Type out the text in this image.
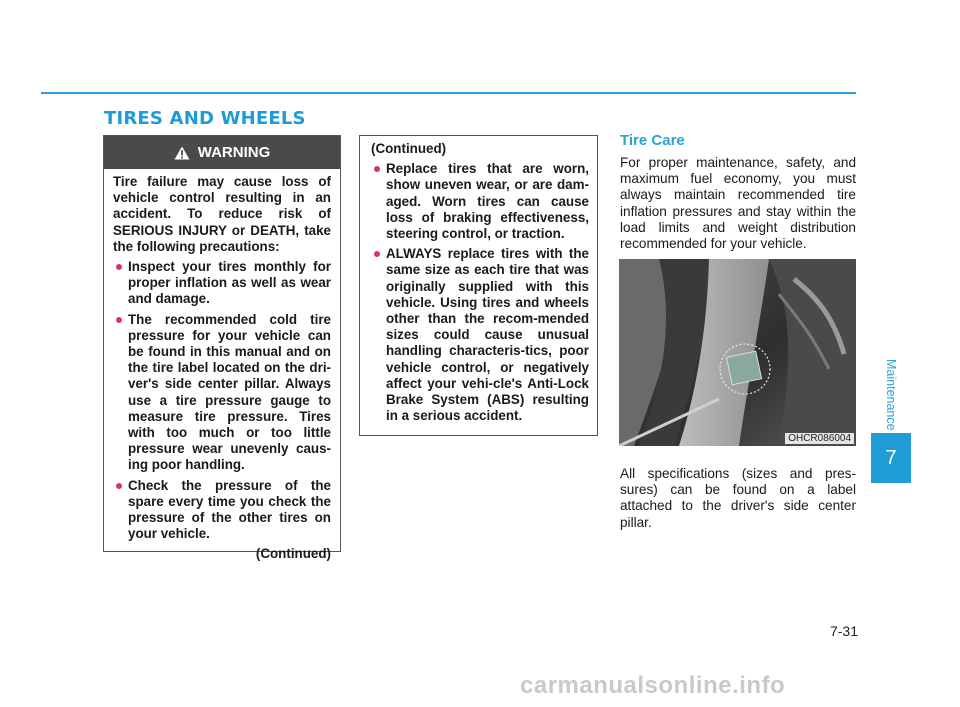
TIRES AND WHEELS
WARNING

Tire failure may cause loss of vehicle control resulting in an accident. To reduce risk of SERIOUS INJURY or DEATH, take the following precautions:

Inspect your tires monthly for proper inflation as well as wear and damage.
The recommended cold tire pressure for your vehicle can be found in this manual and on the tire label located on the dri-ver's side center pillar. Always use a tire pressure gauge to measure tire pressure. Tires with too much or too little pressure wear unevenly caus-ing poor handling.
Check the pressure of the spare every time you check the pressure of the other tires on your vehicle.
(Continued)

(Continued)

Replace tires that are worn, show uneven wear, or are dam-aged. Worn tires can cause loss of braking effectiveness, steering control, or traction.
ALWAYS replace tires with the same size as each tire that was originally supplied with this vehicle. Using tires and wheels other than the recom-mended sizes could cause unusual handling characteris-tics, poor vehicle control, or negatively affect your vehi-cle's Anti-Lock Brake System (ABS) resulting in a serious accident.
Tire Care

For proper maintenance, safety, and maximum fuel economy, you must always maintain recommended tire inflation pressures and stay within the load limits and weight distribution recommended for your vehicle.

OHCR086004

All specifications (sizes and pres-sures) can be found on a label attached to the driver's side center pillar.

Maintenance
7
7-31
carmanualsonline.info
